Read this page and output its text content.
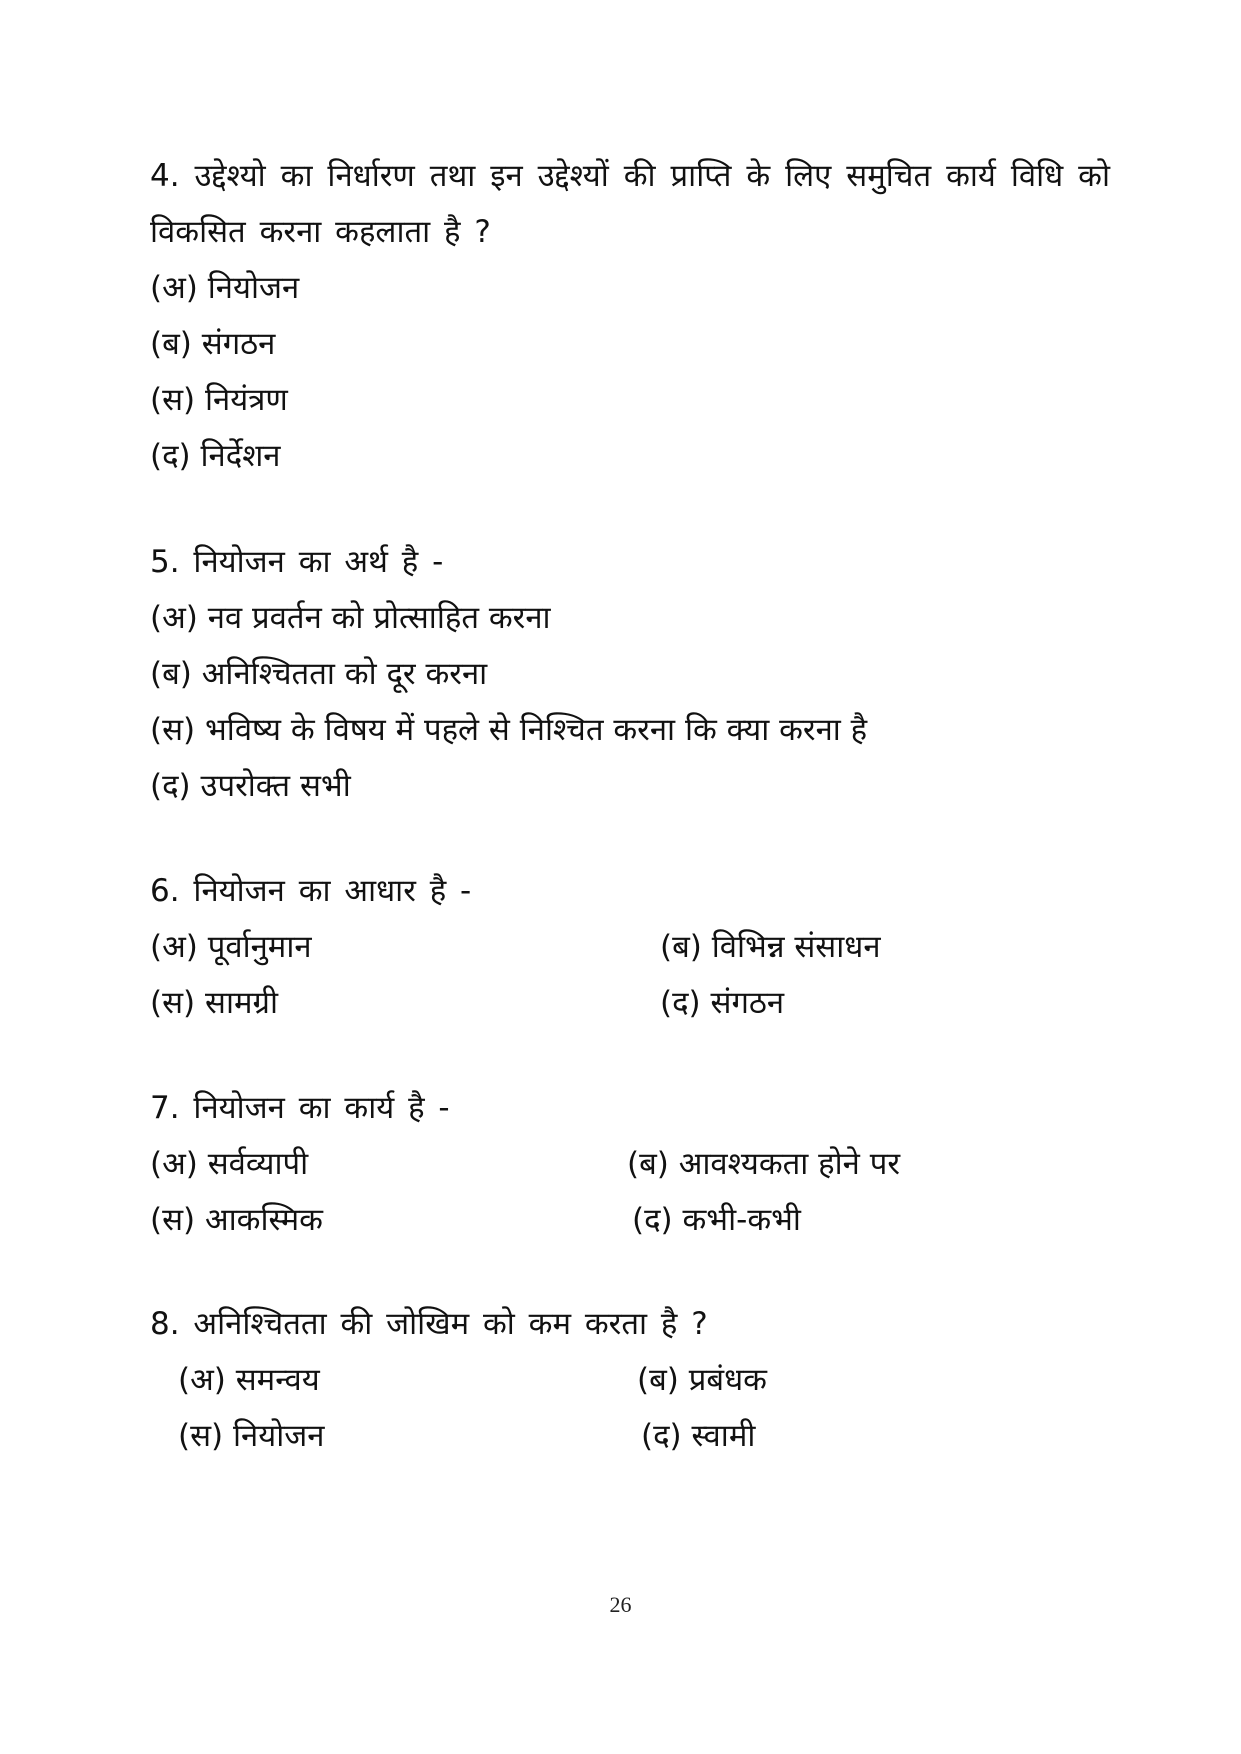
4. उद्देश्यो का निर्धारण तथा इन उद्देश्यों की प्राप्ति के लिए समुचित कार्य विधि को विकसित करना कहलाता है ?

(अ) नियोजन
(ब) संगठन
(स) नियंत्रण
(द) निर्देशन

5. नियोजन का अर्थ है -

(अ) नव प्रवर्तन को प्रोत्साहित करना
(ब) अनिश्चितता को दूर करना
(स) भविष्य के विषय में पहले से निश्चित करना कि क्या करना है
(द) उपरोक्त सभी

6. नियोजन का आधार है -

(अ) पूर्वानुमान	(ब) विभिन्न संसाधन
(स) सामग्री	(द) संगठन

7. नियोजन का कार्य है -

(अ) सर्वव्यापी	(ब) आवश्यकता होने पर
(स) आकस्मिक	(द) कभी-कभी

8. अनिश्चितता की जोखिम को कम करता है ?

(अ) समन्वय	(ब) प्रबंधक
(स) नियोजन	(द) स्वामी
26
